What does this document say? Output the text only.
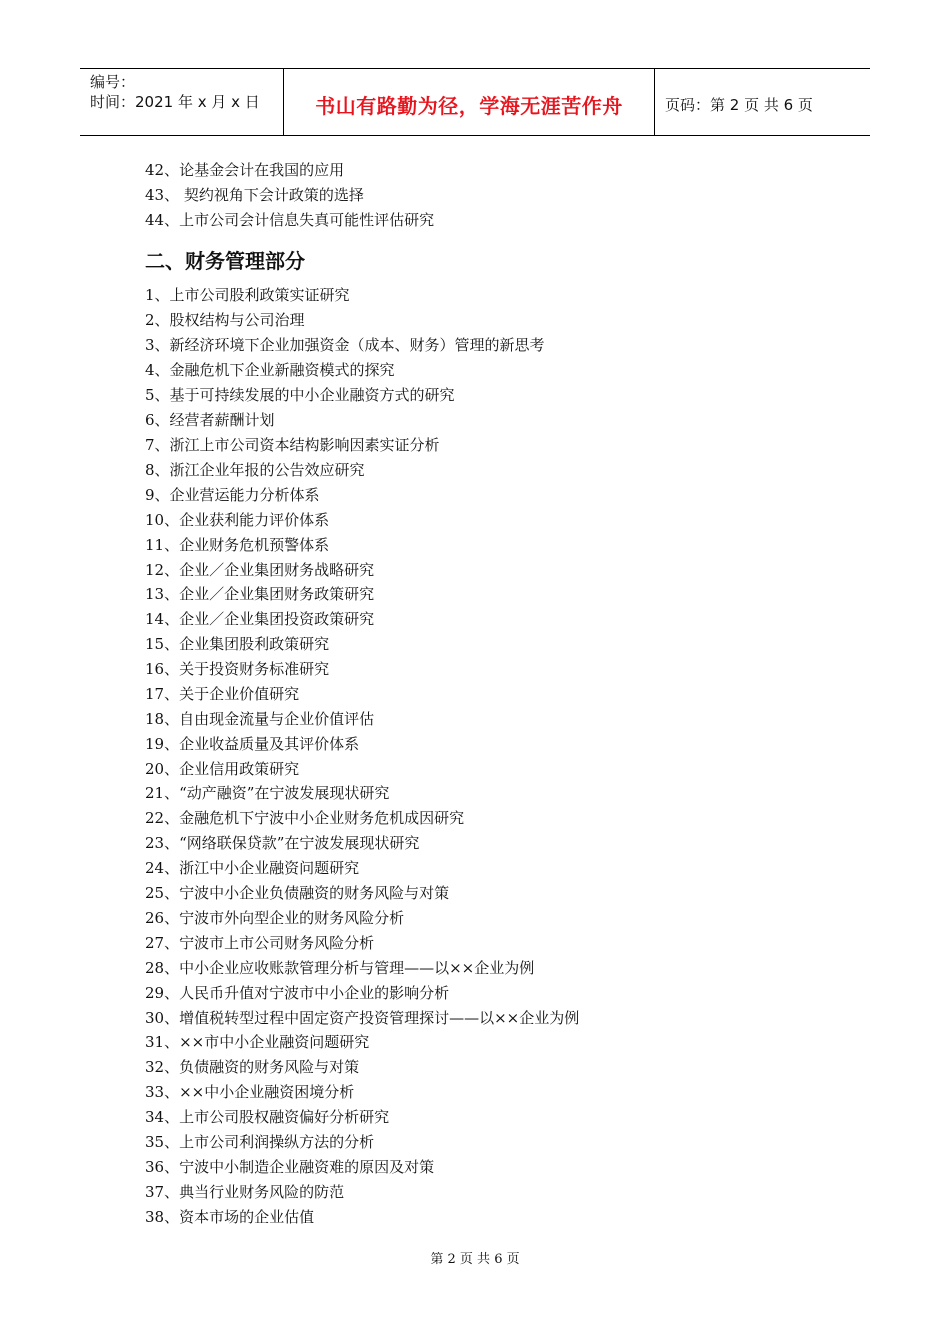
编号：
时间：2021 年 x 月 x 日	书山有路勤为径，学海无涯苦作舟	页码：第 2 页 共 6 页
42、论基金会计在我国的应用
43、 契约视角下会计政策的选择
44、上市公司会计信息失真可能性评估研究
二、财务管理部分
1、上市公司股利政策实证研究
2、股权结构与公司治理
3、新经济环境下企业加强资金（成本、财务）管理的新思考
4、金融危机下企业新融资模式的探究
5、基于可持续发展的中小企业融资方式的研究
6、经营者薪酬计划
7、浙江上市公司资本结构影响因素实证分析
8、浙江企业年报的公告效应研究
9、企业营运能力分析体系
10、企业获利能力评价体系
11、企业财务危机预警体系
12、企业／企业集团财务战略研究
13、企业／企业集团财务政策研究
14、企业／企业集团投资政策研究
15、企业集团股利政策研究
16、关于投资财务标准研究
17、关于企业价值研究
18、自由现金流量与企业价值评估
19、企业收益质量及其评价体系
20、企业信用政策研究
21、“动产融资”在宁波发展现状研究
22、金融危机下宁波中小企业财务危机成因研究
23、“网络联保贷款”在宁波发展现状研究
24、浙江中小企业融资问题研究
25、宁波中小企业负债融资的财务风险与对策
26、宁波市外向型企业的财务风险分析
27、宁波市上市公司财务风险分析
28、中小企业应收账款管理分析与管理——以××企业为例
29、人民币升值对宁波市中小企业的影响分析
30、增值税转型过程中固定资产投资管理探讨——以××企业为例
31、××市中小企业融资问题研究
32、负债融资的财务风险与对策
33、××中小企业融资困境分析
34、上市公司股权融资偏好分析研究
35、上市公司利润操纵方法的分析
36、宁波中小制造企业融资难的原因及对策
37、典当行业财务风险的防范
38、资本市场的企业估值
第 2 页 共 6 页
